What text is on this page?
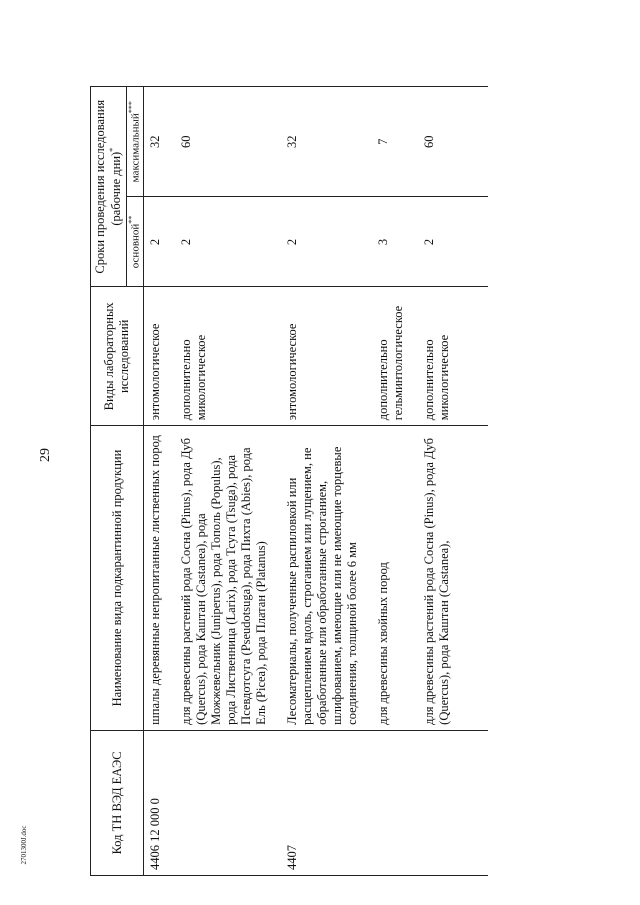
29
2701300J.doc	Код ТН ВЭД ЕАЭС	Наименование вида подкарантинной продукции	Виды лабораторных исследований	Сроки проведения исследования (рабочие дни)*
			основной**	максимальный***
4406 12 000 0	шпалы деревянные непропитанные лиственных пород	энтомологическое	2	32
	для древесины растений рода Сосна (Pinus), рода Дуб (Quercus), рода Каштан (Castanea), рода Можжевельник (Juniperus), рода Тополь (Populus), рода Лиственница (Larix), рода Тсуга (Tsuga), рода Псевдотсуга (Pseudotsuga), рода Пихта (Abies), рода Ель (Picea), рода Платан (Platanus)	дополнительно микологическое	2	60
4407	Лесоматериалы, полученные распиловкой или расщеплением вдоль, строганием или лущением, не обработанные или обработанные строганием, шлифованием, имеющие или не имеющие торцевые соединения, толщиной более 6 мм	энтомологическое	2	32
	для древесины хвойных пород	дополнительно гельминтологическое	3	7
	для древесины растений рода Сосна (Pinus), рода Дуб (Quercus), рода Каштан (Castanea),	дополнительно микологическое	2	60
